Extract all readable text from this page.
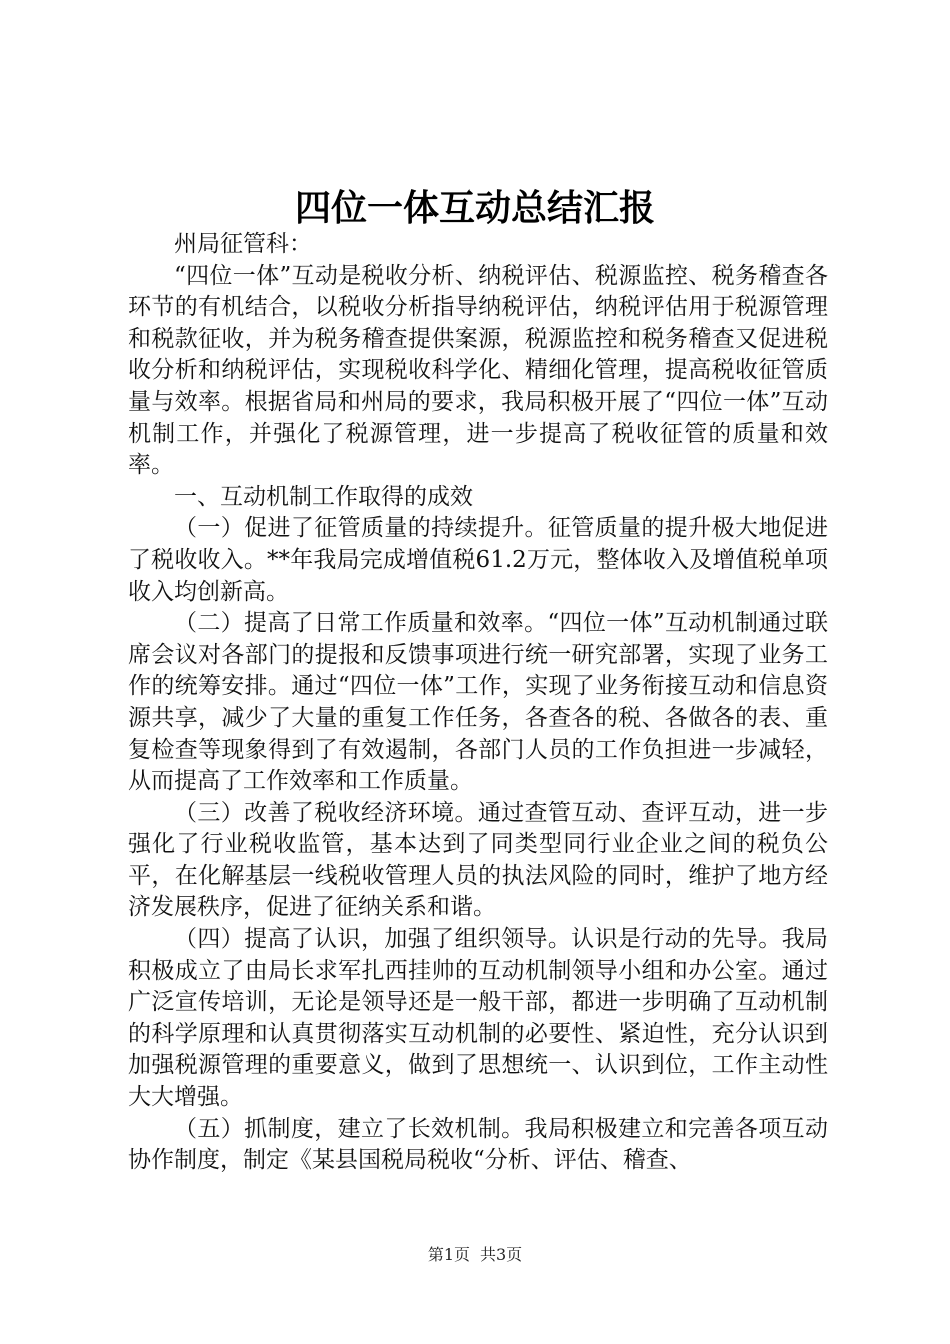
四位一体互动总结汇报

州局征管科：

“四位一体”互动是税收分析、纳税评估、税源监控、税务稽查各环节的有机结合，以税收分析指导纳税评估，纳税评估用于税源管理和税款征收，并为税务稽查提供案源，税源监控和税务稽查又促进税收分析和纳税评估，实现税收科学化、精细化管理，提高税收征管质量与效率。根据省局和州局的要求，我局积极开展了“四位一体”互动机制工作，并强化了税源管理，进一步提高了税收征管的质量和效率。

一、互动机制工作取得的成效

（一）促进了征管质量的持续提升。征管质量的提升极大地促进了税收收入。**年我局完成增值税61.2万元，整体收入及增值税单项收入均创新高。

（二）提高了日常工作质量和效率。“四位一体”互动机制通过联席会议对各部门的提报和反馈事项进行统一研究部署，实现了业务工作的统筹安排。通过“四位一体”工作，实现了业务衔接互动和信息资源共享，减少了大量的重复工作任务，各查各的税、各做各的表、重复检查等现象得到了有效遏制，各部门人员的工作负担进一步减轻，从而提高了工作效率和工作质量。

（三）改善了税收经济环境。通过查管互动、查评互动，进一步强化了行业税收监管，基本达到了同类型同行业企业之间的税负公平，在化解基层一线税收管理人员的执法风险的同时，维护了地方经济发展秩序，促进了征纳关系和谐。

（四）提高了认识，加强了组织领导。认识是行动的先导。我局积极成立了由局长求军扎西挂帅的互动机制领导小组和办公室。通过广泛宣传培训，无论是领导还是一般干部，都进一步明确了互动机制的科学原理和认真贯彻落实互动机制的必要性、紧迫性，充分认识到加强税源管理的重要意义，做到了思想统一、认识到位，工作主动性大大增强。

（五）抓制度，建立了长效机制。我局积极建立和完善各项互动协作制度，制定《某县国税局税收“分析、评估、稽查、

第1页 共3页
